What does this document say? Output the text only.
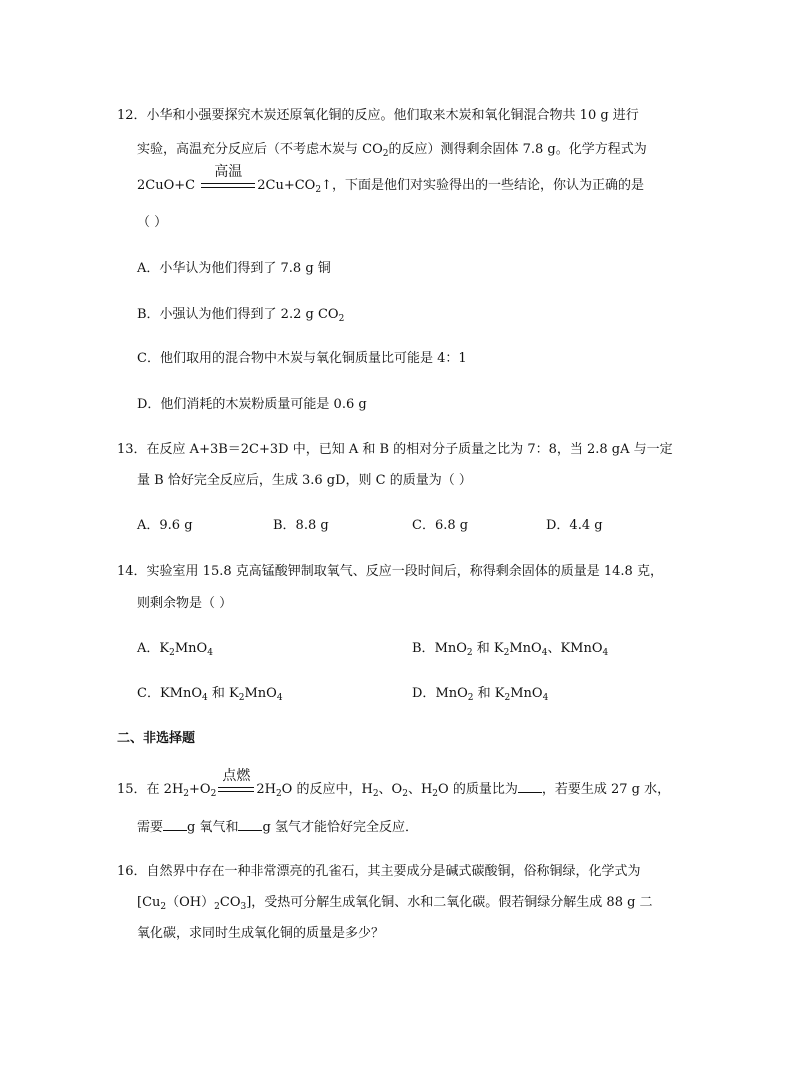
12．小华和小强要探究木炭还原氧化铜的反应。他们取来木炭和氧化铜混合物共 10 g 进行
实验，高温充分反应后（不考虑木炭与 $CO_2$的反应）测得剩余固体 7.8 g。化学方程式为
2CuO+C
高温
$2Cu+CO_2↑$，下面是他们对实验得出的一些结论，你认为正确的是
（ ）
A．小华认为他们得到了 7.8 g 铜
B．小强认为他们得到了 2.2 g $CO_2$
C．他们取用的混合物中木炭与氧化铜质量比可能是 4：1
D．他们消耗的木炭粉质量可能是 0.6 g
13．在反应 A+3B＝2C+3D 中，已知 A 和 B 的相对分子质量之比为 7：8，当 2.8 gA 与一定
量 B 恰好完全反应后，生成 3.6 gD，则 C 的质量为（ ）
A．9.6 g	B．8.8 g	C．6.8 g	D．4.4 g
14．实验室用 15.8 克高锰酸钾制取氧气、反应一段时间后，称得剩余固体的质量是 14.8 克，
则剩余物是（ ）
A．$K_2MnO_4$	B．MnO$_2$ 和 $K_2MnO_4$、KMnO$_4$
C．KMnO$_4$ 和 $K_2MnO_4$	D．MnO$_2$ 和 $K_2MnO_4$
二、非选择题
15．在 $2H_2+O_2$
点燃
$2H_2O$ 的反应中，$H_2$、$O_2$、$H_2O$ 的质量比为 ，若要生成 27 g 水，
需要 g 氧气和 g 氢气才能恰好完全反应．
16．自然界中存在一种非常漂亮的孔雀石，其主要成分是碱式碳酸铜，俗称铜绿，化学式为
$[Cu_2(OH)_2CO_3]$，受热可分解生成氧化铜、水和二氧化碳。假若铜绿分解生成 88 g 二
氧化碳，求同时生成氧化铜的质量是多少？
